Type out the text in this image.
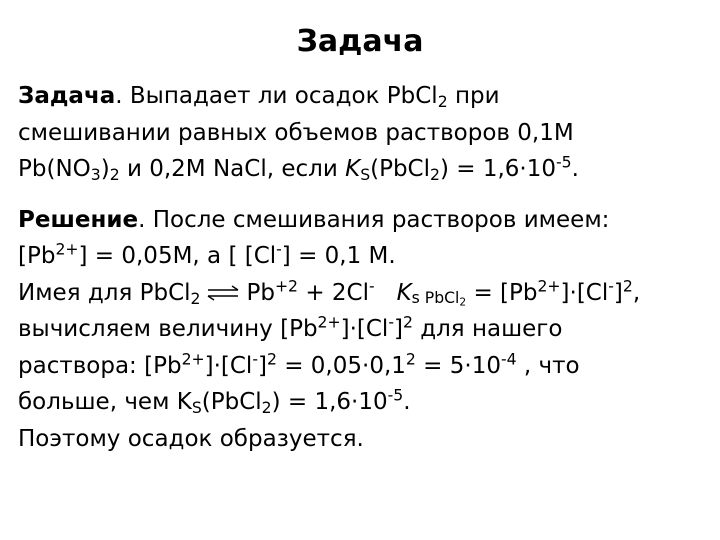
Задача

Задача. Выпадает ли осадок PbCl$_2$ при

смешивании равных объемов растворов 0,1М

$Pb(NO_3)_2$ и 0,2М NaCl, если $K_S(PbCl_2) = 1,6\cdot 10^{-5}$.

Решение. После смешивания растворов имеем:

$[Pb^{2+}] = 0,05М$, а [ [Cl-] = 0,1 М.

Имея для PbCl$_2$ ⇌ $Pb^{+2} + 2Cl^-$ $K_{s PbCl_2} = [Pb^{2+}]\cdot[Cl^-]^2$,

вычисляем величину $[Pb^{2+}]\cdot[Cl^-]^2$ для нашего

раствора: $[Pb^{2+}]\cdot[Cl^-]^2 = 0,05\cdot 0,1^2 = 5\cdot 10^{-4}$ , что

больше, чем $K_S(PbCl_2) = 1,6\cdot 10^{-5}$.

Поэтому осадок образуется.
